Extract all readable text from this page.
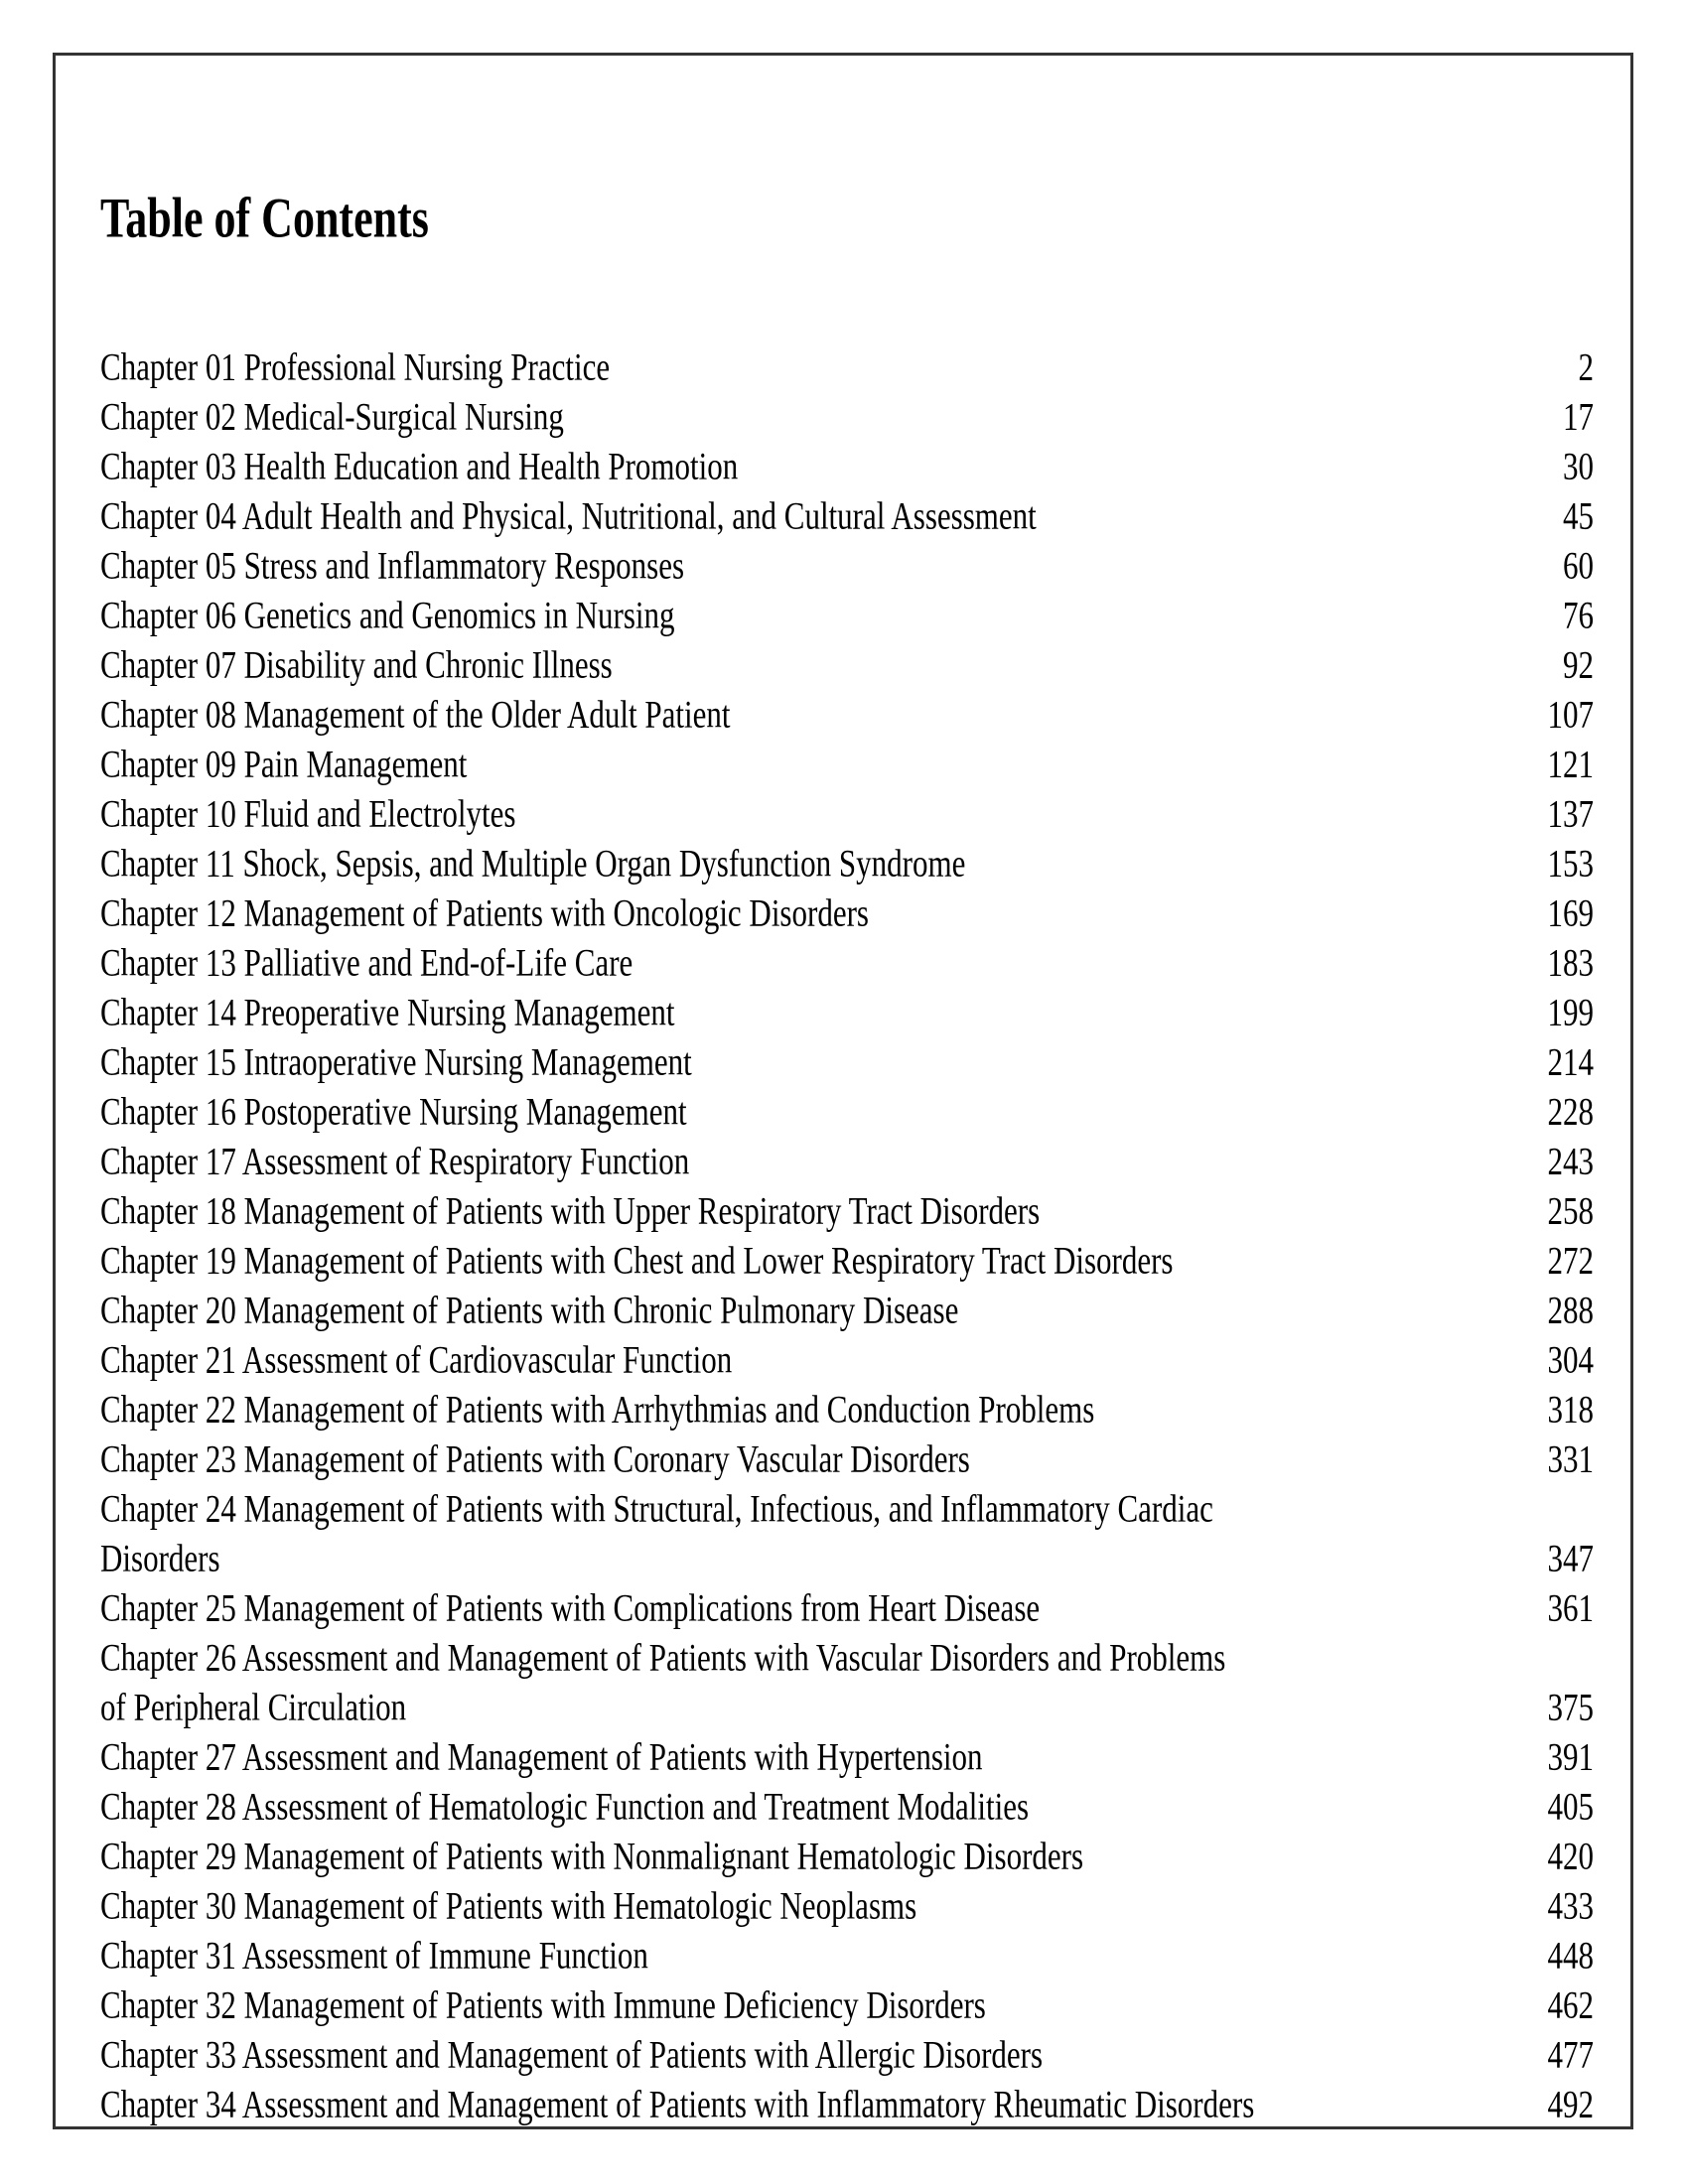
Table of Contents
Chapter 01 Professional Nursing Practice	2
Chapter 02 Medical-Surgical Nursing	17
Chapter 03 Health Education and Health Promotion	30
Chapter 04 Adult Health and Physical, Nutritional, and Cultural Assessment	45
Chapter 05 Stress and Inflammatory Responses	60
Chapter 06 Genetics and Genomics in Nursing	76
Chapter 07 Disability and Chronic Illness	92
Chapter 08 Management of the Older Adult Patient	107
Chapter 09 Pain Management	121
Chapter 10 Fluid and Electrolytes	137
Chapter 11 Shock, Sepsis, and Multiple Organ Dysfunction Syndrome	153
Chapter 12 Management of Patients with Oncologic Disorders	169
Chapter 13 Palliative and End-of-Life Care	183
Chapter 14 Preoperative Nursing Management	199
Chapter 15 Intraoperative Nursing Management	214
Chapter 16 Postoperative Nursing Management	228
Chapter 17 Assessment of Respiratory Function	243
Chapter 18 Management of Patients with Upper Respiratory Tract Disorders	258
Chapter 19 Management of Patients with Chest and Lower Respiratory Tract Disorders	272
Chapter 20 Management of Patients with Chronic Pulmonary Disease	288
Chapter 21 Assessment of Cardiovascular Function	304
Chapter 22 Management of Patients with Arrhythmias and Conduction Problems	318
Chapter 23 Management of Patients with Coronary Vascular Disorders	331
Chapter 24 Management of Patients with Structural, Infectious, and Inflammatory Cardiac
Disorders	347
Chapter 25 Management of Patients with Complications from Heart Disease	361
Chapter 26 Assessment and Management of Patients with Vascular Disorders and Problems
of Peripheral Circulation	375
Chapter 27 Assessment and Management of Patients with Hypertension	391
Chapter 28 Assessment of Hematologic Function and Treatment Modalities	405
Chapter 29 Management of Patients with Nonmalignant Hematologic Disorders	420
Chapter 30 Management of Patients with Hematologic Neoplasms	433
Chapter 31 Assessment of Immune Function	448
Chapter 32 Management of Patients with Immune Deficiency Disorders	462
Chapter 33 Assessment and Management of Patients with Allergic Disorders	477
Chapter 34 Assessment and Management of Patients with Inflammatory Rheumatic Disorders	492
